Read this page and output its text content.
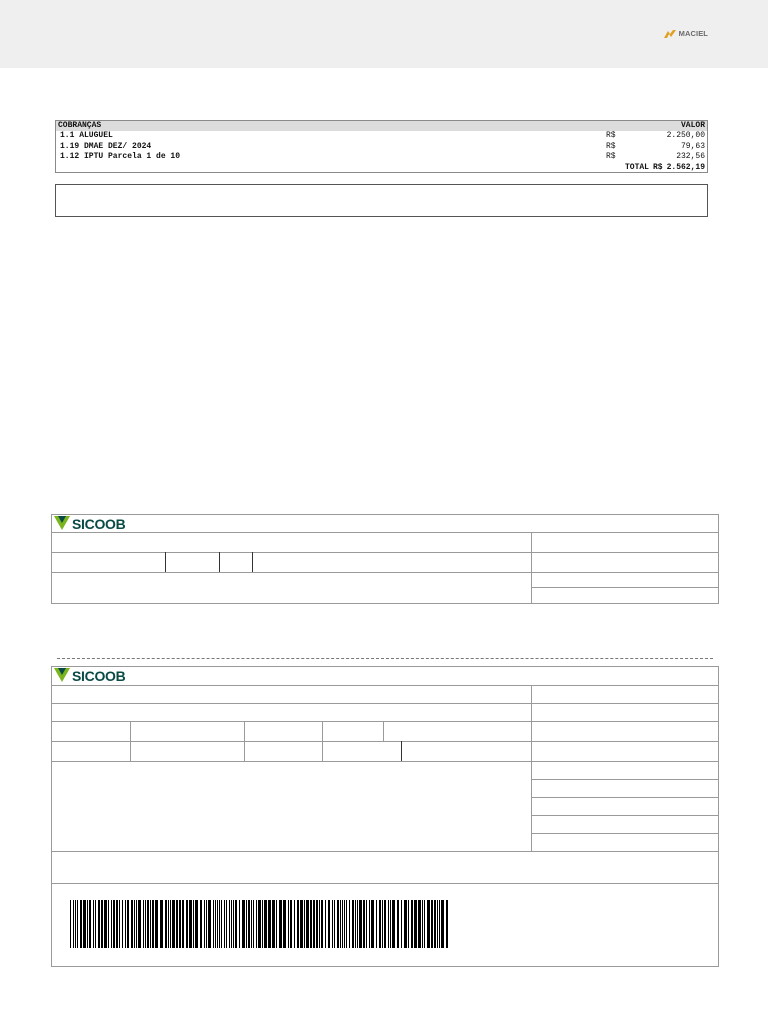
MACIEL
COBRANÇAS	VALOR
1.1 ALUGUEL	R$	2.250,00
1.19 DMAE DEZ/ 2024	R$	79,63
1.12 IPTU Parcela 1 de 10	R$	232,56
TOTAL R$ 2.562,19
SICOOB
SICOOB
